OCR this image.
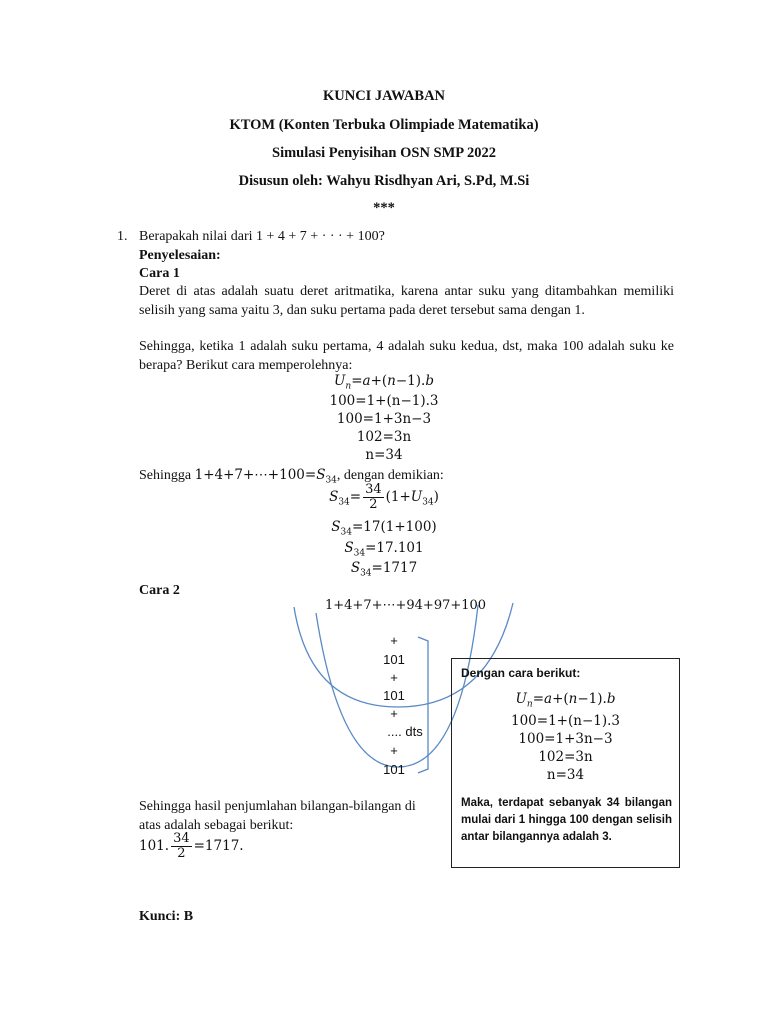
KUNCI JAWABAN
KTOM (Konten Terbuka Olimpiade Matematika)
Simulasi Penyisihan OSN SMP 2022
Disusun oleh: Wahyu Risdhyan Ari, S.Pd, M.Si
***
1. Berapakah nilai dari 1 + 4 + 7 + · · · + 100?
Penyelesaian:
Cara 1
Deret di atas adalah suatu deret aritmatika, karena antar suku yang ditambahkan memiliki selisih yang sama yaitu 3, dan suku pertama pada deret tersebut sama dengan 1.
Sehingga, ketika 1 adalah suku pertama, 4 adalah suku kedua, dst, maka 100 adalah suku ke berapa? Berikut cara memperolehnya:
$U_n=a+(n-1).b$
100=1+(n−1).3
100=1+3n−3
102=3n
n=34
Sehingga $1+4+7+\cdots+100=S_{34}$, dengan demikian:
$S_{34}= \frac{34}{2} (1+U_{34})$
$S_{34}=17(1+100)$
$S_{34}=17.101$
$S_{34}=1717$
Cara 2
1+4+7+⋯+94+97+100
+
101
+
101
+
.... dts
+
101
Sehingga hasil penjumlahan bilangan-bilangan di atas adalah sebagai berikut:
101. $\frac{34}{2} =1717$.
Kunci: B
Dengan cara berikut:
$U_n=a+(n-1).b$
100=1+(n−1).3
100=1+3n−3
102=3n
n=34
Maka, terdapat sebanyak 34 bilangan mulai dari 1 hingga 100 dengan selisih antar bilangannya adalah 3.
